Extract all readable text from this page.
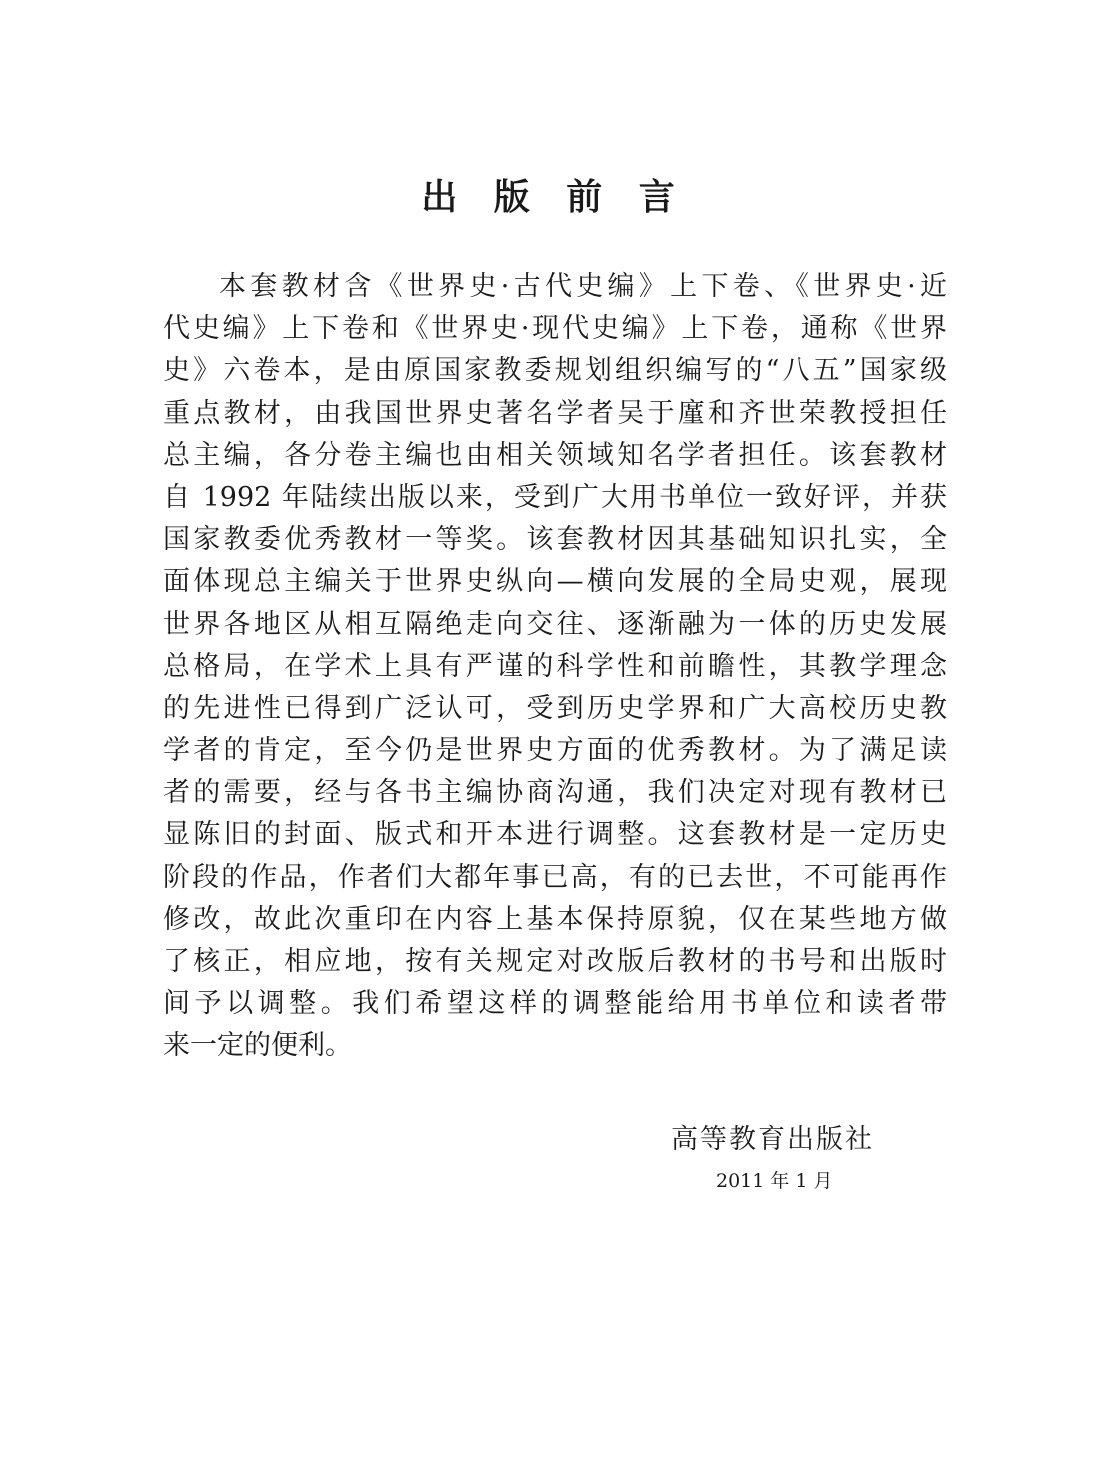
出 版 前 言
本套教材含《世界史·古代史编》上下卷、《世界史·近
代史编》上下卷和《世界史·现代史编》上下卷，通称《世界
史》六卷本，是由原国家教委规划组织编写的“八五”国家级
重点教材，由我国世界史著名学者吴于廑和齐世荣教授担任
总主编，各分卷主编也由相关领域知名学者担任。该套教材
自 1992 年陆续出版以来，受到广大用书单位一致好评，并获
国家教委优秀教材一等奖。该套教材因其基础知识扎实，全
面体现总主编关于世界史纵向—横向发展的全局史观，展现
世界各地区从相互隔绝走向交往、逐渐融为一体的历史发展
总格局，在学术上具有严谨的科学性和前瞻性，其教学理念
的先进性已得到广泛认可，受到历史学界和广大高校历史教
学者的肯定，至今仍是世界史方面的优秀教材。为了满足读
者的需要，经与各书主编协商沟通，我们决定对现有教材已
显陈旧的封面、版式和开本进行调整。这套教材是一定历史
阶段的作品，作者们大都年事已高，有的已去世，不可能再作
修改，故此次重印在内容上基本保持原貌，仅在某些地方做
了核正，相应地，按有关规定对改版后教材的书号和出版时
间予以调整。我们希望这样的调整能给用书单位和读者带
来一定的便利。
高等教育出版社
2011 年 1 月
